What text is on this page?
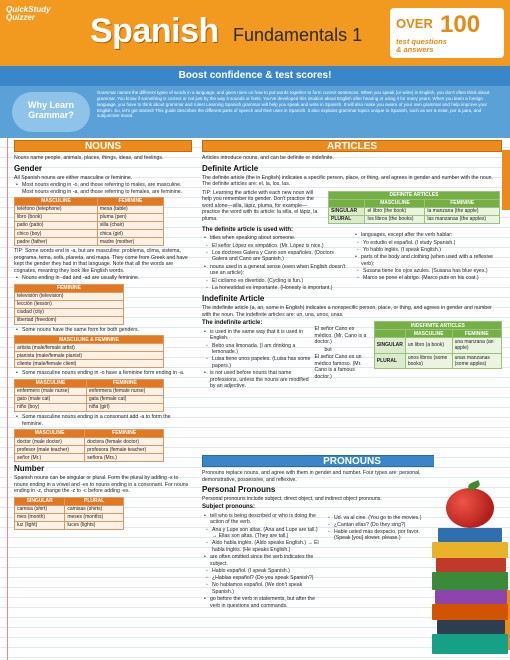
QuickStudy
Quizzer	Spanish Fundamentals 1
OVER 100
test questions
& answers
Boost confidence & test scores!
Why Learn
Grammar?
Grammar names the different types of words in a language, and gives rules on how to put words together to form correct sentences. When you speak (or write) in English, you don't often think about grammar. You know if something is correct or not just by the way it sounds or feels. You've developed this intuition about English after hearing or using it for many years. When you learn a foreign language, you have to think about grammar and rules! Learning Spanish grammar will help you speak and write in Spanish. It will also make you aware of your own grammar and help improve your English. So, let's get started! This guide describes the different parts of speech and their uses in Spanish. It also explains grammar topics unique to Spanish, such as ser & estar, por & para, and subjunctive mood.
NOUNS

Nouns name people, animals, places, things, ideas, and feelings.

Gender

All Spanish nouns are either masculine or feminine.

• Most nouns ending in -o, and those referring to males, are masculine. Most nouns ending in -a, and those referring to females, are feminine.
MASCULINE	FEMININE
teléfono (telephone)	mesa (table)
libro (book)	pluma (pen)
patio (patio)	silla (chair)
chico (boy)	chica (girl)
padre (father)	madre (mother)

TIP: Some words end in -a, but are masculine: problema, clima, sistema, programa, tema, sofá, planeta, and mapa. They come from Greek and have kept the gender they had in that language. Note that all the words are cognates, meaning they look like English words.

• Nouns ending in -dad and -ad are usually feminine.
FEMININE
televisión (television)
lección (lesson)
ciudad (city)
libertad (freedom)
• Some nouns have the same form for both genders.
MASCULINE & FEMININE
artista (male/female artist)
pianista (male/female pianist)
cliente (male/female client)
• Some masculine nouns ending in -o have a feminine form ending in -a.
MASCULINE	FEMININE
enfermero (male nurse)	enfermera (female nurse)
gato (male cat)	gata (female cat)
niño (boy)	niña (girl)
• Some masculine nouns ending in a consonant add -a to form the feminine.
MASCULINE	FEMININE
doctor (male doctor)	doctora (female doctor)
profesor (male teacher)	profesora (female teacher)
señor (Mr.)	señora (Mrs.)
Number

Spanish nouns can be singular or plural. Form the plural by adding -s to nouns ending in a vowel and -es to nouns ending in a consonant. For nouns ending in -z, change the -z to -c before adding -es.

SINGULAR	PLURAL
camisa (shirt)	camisas (shirts)
mes (month)	meses (months)
luz (light)	luces (lights)
ARTICLES

Articles introduce nouns, and can be definite or indefinite.

Definite Article

The definite article (the in English) indicates a specific person, place, or thing, and agrees in gender and number with the noun. The definite articles are: el, la, los, las.

TIP: Learning the article with each new noun will help you remember its gender. Don't practice the word alone—silla, lápiz, pluma, for example—practice the word with its article: la silla, el lápiz, la pluma.

DEFINITE ARTICLES		
	MASCULINE	FEMININE
SINGULAR	el libro (the book)	la manzana (the apple)
PLURAL	los libros (the books)	las manzanas (the apples)
The definite article is used with:
• titles when speaking about someone.
◦ El señor López es simpático. (Mr. López is nice.)
◦ Los doctores Galera y Cano son españoles. (Doctors Galera and Cano are Spanish.)
• nouns used in a general sense (even when English doesn't use an article):
◦ El ciclismo es divertido. (Cycling is fun.)
◦ La honestidad es importante. (Honesty is important.)
• languages, except after the verb hablar:
◦ Yo estudio el español. (I study Spanish.)
◦ Yo hablo inglés. (I speak English.)
• parts of the body and clothing (when used with a reflexive verb):
◦ Susana tiene los ojos azules. (Susana has blue eyes.)
◦ Marco se pone el abrigo. (Marco puts on his coat.)
Indefinite Article

The indefinite article (a, an, some in English) indicates a nonspecific person, place, or thing, and agrees in gender and number with the noun. The indefinite articles are: un, una, unos, unas.

The indefinite article:
• is used in the same way that it is used in English.
◦ Bebo una limonada. (I am drinking a lemonade.)
◦ Luisa tiene unos papeles. (Luisa has some papers.)
• is not used before nouns that name professions, unless the nouns are modified by an adjective.

El señor Cano es médico. (Mr. Cano is a doctor.)

but

El señor Cano es un médico famoso. (Mr. Cano is a famous doctor.)

INDEFINITE ARTICLES		
	MASCULINE	FEMININE
SINGULAR	un libro (a book)	una manzana (an apple)
PLURAL	unos libros (some books)	unas manzanas (some apples)
PRONOUNS

Pronouns replace nouns, and agree with them in gender and number. Four types are: personal, demonstrative, possessive, and reflexive.

Personal Pronouns

Personal pronouns include subject, direct object, and indirect object pronouns.

Subject pronouns:
• tell who is being described or who is doing the action of the verb.
◦ Ana y Lupe son altas. (Ana and Lupe are tall.) → Ellas son altas. (They are tall.)
◦ Aldo habla inglés. (Aldo speaks English.) → Él habla inglés. (He speaks English.)
• are often omitted since the verb indicates the subject.
◦ Hablo español. (I speak Spanish.)
◦ ¿Hablas español? (Do you speak Spanish?)
◦ No hablamos español. (We don't speak Spanish.)
• go before the verb in statements, but after the verb in questions and commands.
◦ Ud. va al cine. (You go to the movies.)
◦ ¿Cantan ellas? (Do they sing?)
◦ Hable usted más despacio, por favor. (Speak [you] slower, please.)
